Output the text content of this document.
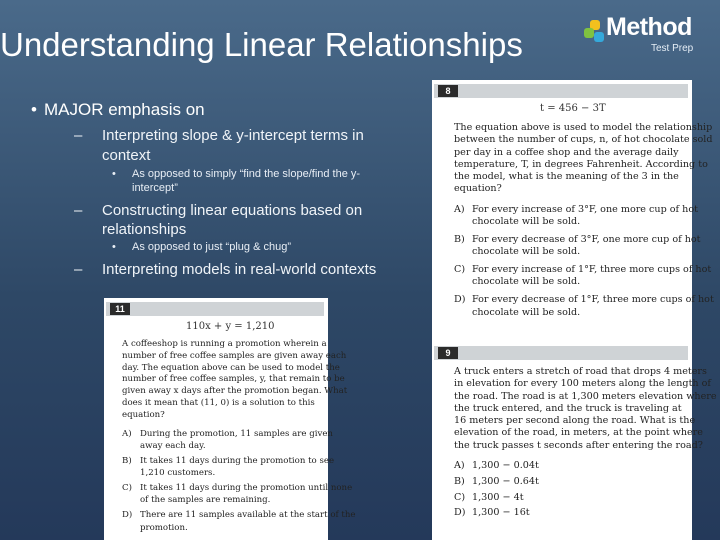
Understanding Linear Relationships	Method
Test Prep
• MAJOR emphasis on
– Interpreting slope & y-intercept terms in
context
• As opposed to simply “find the slope/find the y-
intercept”
– Constructing linear equations based on
relationships
• As opposed to just “plug & chug”
– Interpreting models in real-world contexts
8
t = 456 − 3T
The equation above is used to model the relationship
between the number of cups, n, of hot chocolate sold
per day in a coffee shop and the average daily
temperature, T, in degrees Fahrenheit. According to
the model, what is the meaning of the 3 in the
equation?
A) For every increase of 3°F, one more cup of hot
chocolate will be sold.
B) For every decrease of 3°F, one more cup of hot
chocolate will be sold.
C) For every increase of 1°F, three more cups of hot
chocolate will be sold.
D) For every decrease of 1°F, three more cups of hot
chocolate will be sold.
9
A truck enters a stretch of road that drops 4 meters
in elevation for every 100 meters along the length of
the road. The road is at 1,300 meters elevation where
the truck entered, and the truck is traveling at
16 meters per second along the road. What is the
elevation of the road, in meters, at the point where
the truck passes t seconds after entering the road?
A) 1,300 − 0.04t
B) 1,300 − 0.64t
C) 1,300 − 4t
D) 1,300 − 16t
11
110x + y = 1,210
A coffeeshop is running a promotion wherein a
number of free coffee samples are given away each
day. The equation above can be used to model the
number of free coffee samples, y, that remain to be
given away x days after the promotion began. What
does it mean that (11, 0) is a solution to this
equation?
A) During the promotion, 11 samples are given
away each day.
B) It takes 11 days during the promotion to see
1,210 customers.
C) It takes 11 days during the promotion until none
of the samples are remaining.
D) There are 11 samples available at the start of the
promotion.
